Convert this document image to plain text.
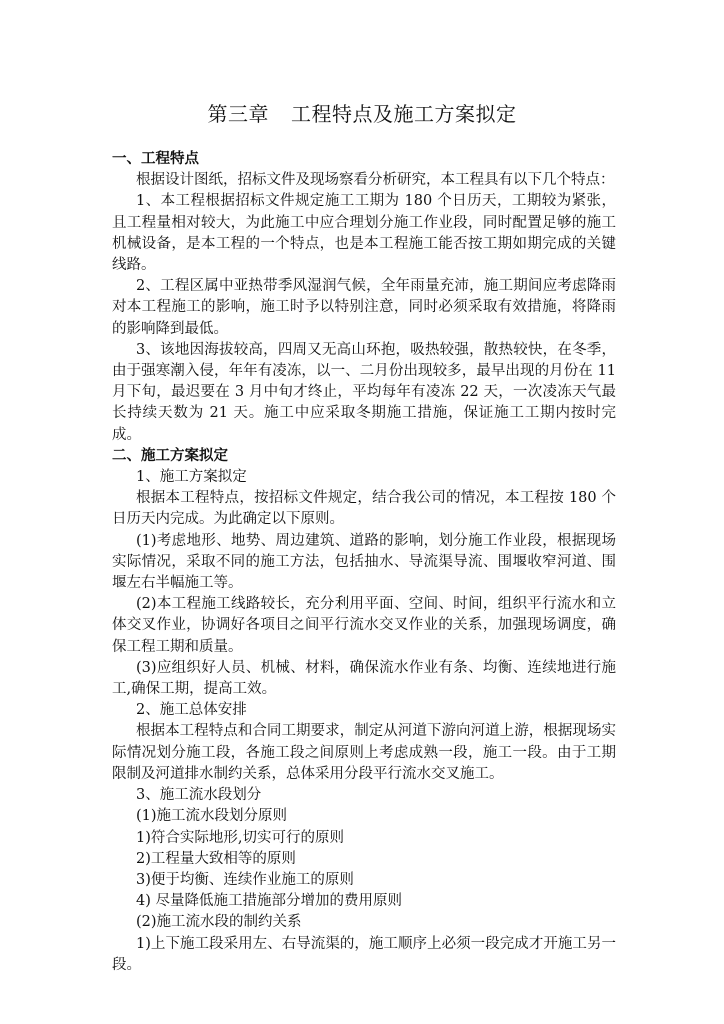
第三章 工程特点及施工方案拟定

一、工程特点

根据设计图纸，招标文件及现场察看分析研究，本工程具有以下几个特点：

1、本工程根据招标文件规定施工工期为 180 个日历天，工期较为紧张，且工程量相对较大，为此施工中应合理划分施工作业段，同时配置足够的施工机械设备，是本工程的一个特点，也是本工程施工能否按工期如期完成的关键线路。

2、工程区属中亚热带季风湿润气候，全年雨量充沛，施工期间应考虑降雨对本工程施工的影响，施工时予以特别注意，同时必须采取有效措施，将降雨的影响降到最低。

3、该地因海拔较高，四周又无高山环抱，吸热较强，散热较快，在冬季，由于强寒潮入侵，年年有凌冻，以一、二月份出现较多，最早出现的月份在 11 月下旬，最迟要在 3 月中旬才终止，平均每年有凌冻 22 天，一次凌冻天气最长持续天数为 21 天。施工中应采取冬期施工措施，保证施工工期内按时完成。

二、施工方案拟定

1、施工方案拟定

根据本工程特点，按招标文件规定，结合我公司的情况，本工程按 180 个日历天内完成。为此确定以下原则。

(1)考虑地形、地势、周边建筑、道路的影响，划分施工作业段，根据现场实际情况，采取不同的施工方法，包括抽水、导流渠导流、围堰收窄河道、围堰左右半幅施工等。

(2)本工程施工线路较长，充分利用平面、空间、时间，组织平行流水和立体交叉作业，协调好各项目之间平行流水交叉作业的关系，加强现场调度，确保工程工期和质量。

(3)应组织好人员、机械、材料，确保流水作业有条、均衡、连续地进行施工,确保工期，提高工效。

2、施工总体安排

根据本工程特点和合同工期要求，制定从河道下游向河道上游，根据现场实际情况划分施工段，各施工段之间原则上考虑成熟一段，施工一段。由于工期限制及河道排水制约关系，总体采用分段平行流水交叉施工。

3、施工流水段划分

(1)施工流水段划分原则

1)符合实际地形,切实可行的原则

2)工程量大致相等的原则

3)便于均衡、连续作业施工的原则

4) 尽量降低施工措施部分增加的费用原则

(2)施工流水段的制约关系

1)上下施工段采用左、右导流渠的，施工顺序上必须一段完成才开施工另一段。
